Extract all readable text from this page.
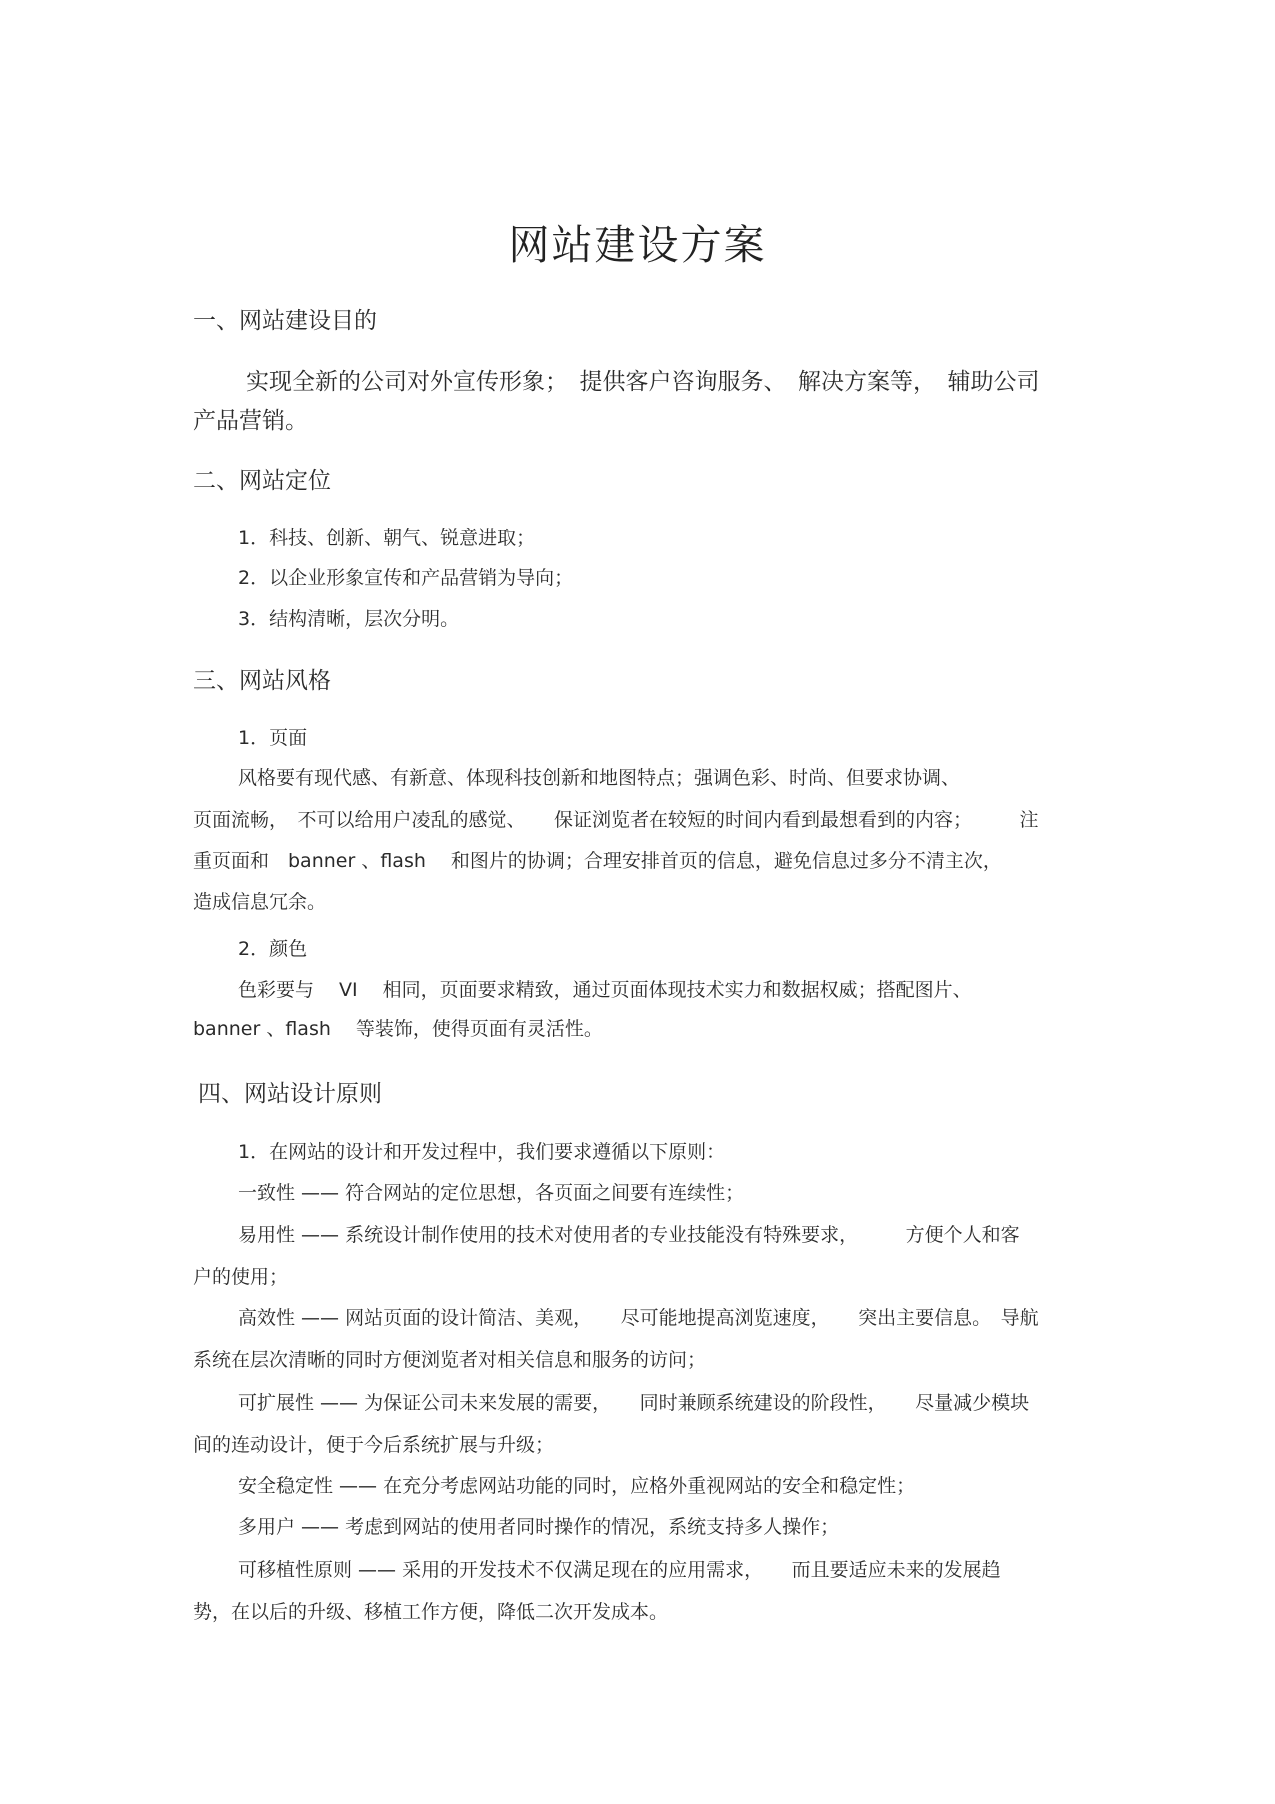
网站建设方案
一、网站建设目的
实现全新的公司对外宣传形象；　提供客户咨询服务、　解决方案等，　辅助公司
产品营销。
二、网站定位
1．科技、创新、朝气、锐意进取；
2．以企业形象宣传和产品营销为导向；
3．结构清晰，层次分明。
三、网站风格
1．页面
风格要有现代感、有新意、体现科技创新和地图特点；强调色彩、时尚、但要求协调、
页面流畅，　不可以给用户凌乱的感觉、　　保证浏览者在较短的时间内看到最想看到的内容；　　　注
重页面和　banner 、flash　 和图片的协调；合理安排首页的信息，避免信息过多分不清主次，
造成信息冗余。
2．颜色
色彩要与　 VI　 相同，页面要求精致，通过页面体现技术实力和数据权威；搭配图片、
banner 、flash　 等装饰，使得页面有灵活性。
四、网站设计原则
1．在网站的设计和开发过程中，我们要求遵循以下原则：
一致性 —— 符合网站的定位思想，各页面之间要有连续性；
易用性 —— 系统设计制作使用的技术对使用者的专业技能没有特殊要求，　　　方便个人和客
户的使用；
高效性 —— 网站页面的设计简洁、美观，　　尽可能地提高浏览速度，　　突出主要信息。　导航
系统在层次清晰的同时方便浏览者对相关信息和服务的访问；
可扩展性 —— 为保证公司未来发展的需要，　　同时兼顾系统建设的阶段性，　　尽量减少模块
间的连动设计，便于今后系统扩展与升级；
安全稳定性 —— 在充分考虑网站功能的同时，应格外重视网站的安全和稳定性；
多用户 —— 考虑到网站的使用者同时操作的情况，系统支持多人操作；
可移植性原则 —— 采用的开发技术不仅满足现在的应用需求，　　而且要适应未来的发展趋
势，在以后的升级、移植工作方便，降低二次开发成本。
